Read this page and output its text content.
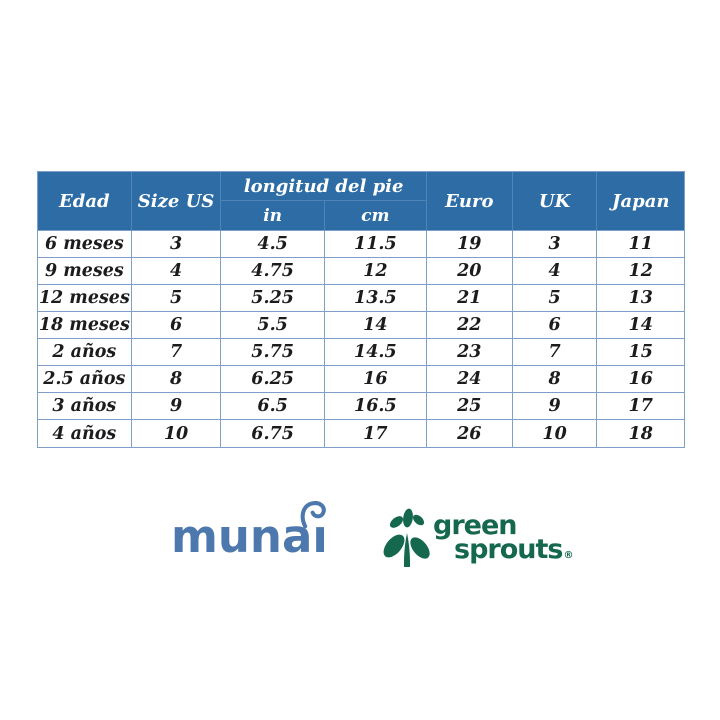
Edad	Size US	longitud del pie		Euro	UK	Japan
		in	cm			
6 meses	3	4.5	11.5	19	3	11
9 meses	4	4.75	12	20	4	12
12 meses	5	5.25	13.5	21	5	13
18 meses	6	5.5	14	22	6	14
2 años	7	5.75	14.5	23	7	15
2.5 años	8	6.25	16	24	8	16
3 años	9	6.5	16.5	25	9	17
4 años	10	6.75	17	26	10	18
munaı	green
sprouts®
